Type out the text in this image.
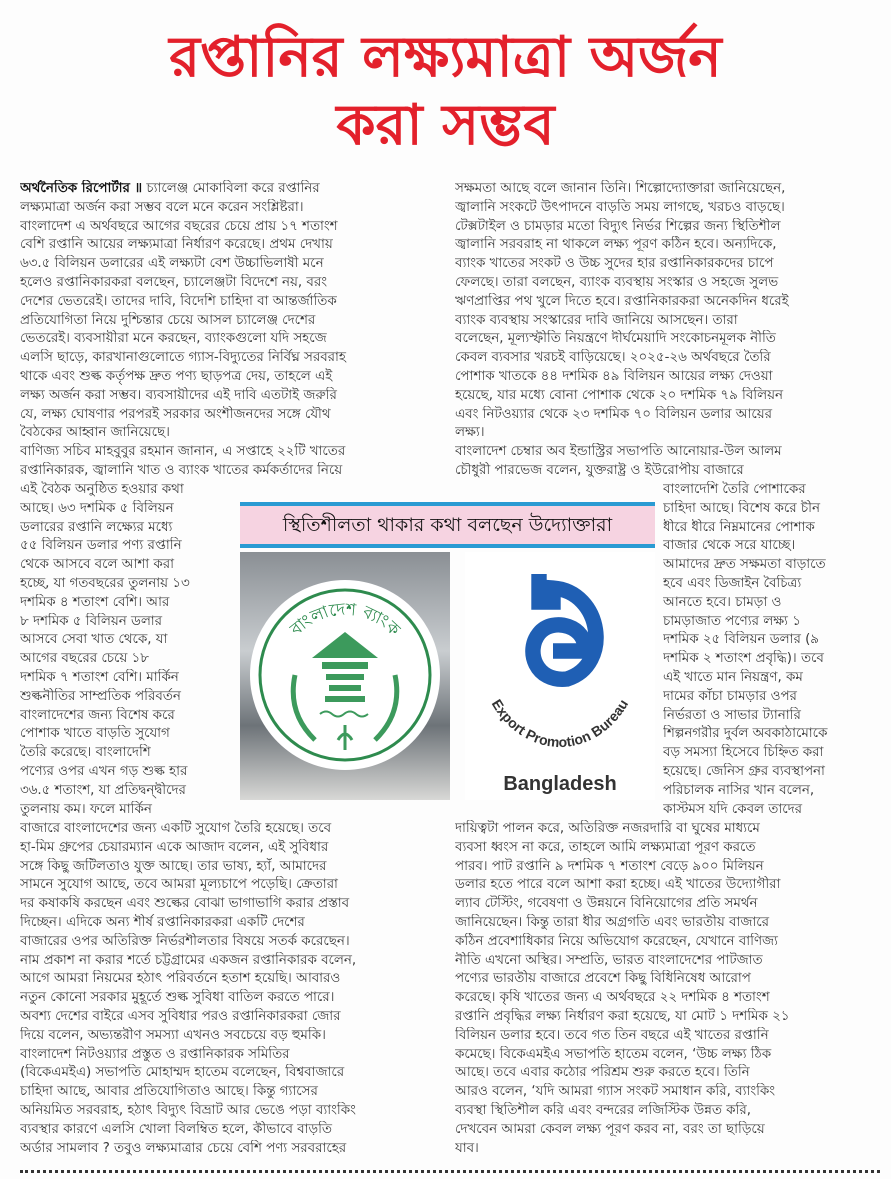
রপ্তানির লক্ষ্যমাত্রা অর্জন
করা সম্ভব
অর্থনৈতিক রিপোর্টার ॥ চ্যালেঞ্জ মোকাবিলা করে রপ্তানির
লক্ষ্যমাত্রা অর্জন করা সম্ভব বলে মনে করেন সংশ্লিষ্টরা।
বাংলাদেশ এ অর্থবছরে আগের বছরের চেয়ে প্রায় ১৭ শতাংশ
বেশি রপ্তানি আয়ের লক্ষ্যমাত্রা নির্ধারণ করেছে। প্রথম দেখায়
৬৩.৫ বিলিয়ন ডলারের এই লক্ষ্যটা বেশ উচ্চাভিলাষী মনে
হলেও রপ্তানিকারকরা বলছেন, চ্যালেঞ্জটা বিদেশে নয়, বরং
দেশের ভেতরেই। তাদের দাবি, বিদেশি চাহিদা বা আন্তর্জাতিক
প্রতিযোগিতা নিয়ে দুশ্চিন্তার চেয়ে আসল চ্যালেঞ্জ দেশের
ভেতরেই। ব্যবসায়ীরা মনে করছেন, ব্যাংকগুলো যদি সহজে
এলসি ছাড়ে, কারখানাগুলোতে গ্যাস-বিদ্যুতের নির্বিঘ্ন সরবরাহ
থাকে এবং শুল্ক কর্তৃপক্ষ দ্রুত পণ্য ছাড়পত্র দেয়, তাহলে এই
লক্ষ্য অর্জন করা সম্ভব। ব্যবসায়ীদের এই দাবি এতটাই জরুরি
যে, লক্ষ্য ঘোষণার পরপরই সরকার অংশীজনদের সঙ্গে যৌথ
বৈঠকের আহ্বান জানিয়েছে।
বাণিজ্য সচিব মাহবুবুর রহমান জানান, এ সপ্তাহে ২২টি খাতের
রপ্তানিকারক, জ্বালানি খাত ও ব্যাংক খাতের কর্মকর্তাদের নিয়ে
এই বৈঠক অনুষ্ঠিত হওয়ার কথা
আছে। ৬৩ দশমিক ৫ বিলিয়ন
ডলারের রপ্তানি লক্ষ্যের মধ্যে
৫৫ বিলিয়ন ডলার পণ্য রপ্তানি
থেকে আসবে বলে আশা করা
হচ্ছে, যা গতবছরের তুলনায় ১৩
দশমিক ৪ শতাংশ বেশি। আর
৮ দশমিক ৫ বিলিয়ন ডলার
আসবে সেবা খাত থেকে, যা
আগের বছরের চেয়ে ১৮
দশমিক ৭ শতাংশ বেশি। মার্কিন
শুল্কনীতির সাম্প্রতিক পরিবর্তন
বাংলাদেশের জন্য বিশেষ করে
পোশাক খাতে বাড়তি সুযোগ
তৈরি করেছে। বাংলাদেশি
পণ্যের ওপর এখন গড় শুল্ক হার
৩৬.৫ শতাংশ, যা প্রতিদ্বন্দ্বীদের
তুলনায় কম। ফলে মার্কিন
বাজারে বাংলাদেশের জন্য একটি সুযোগ তৈরি হয়েছে। তবে
হা-মিম গ্রুপের চেয়ারম্যান একে আজাদ বলেন, এই সুবিধার
সঙ্গে কিছু জটিলতাও যুক্ত আছে। তার ভাষ্য, হ্যাঁ, আমাদের
সামনে সুযোগ আছে, তবে আমরা মূল্যচাপে পড়েছি। ক্রেতারা
দর কষাকষি করছেন এবং শুল্কের বোঝা ভাগাভাগি করার প্রস্তাব
দিচ্ছেন। এদিকে অন্য শীর্ষ রপ্তানিকারকরা একটি দেশের
বাজারের ওপর অতিরিক্ত নির্ভরশীলতার বিষয়ে সতর্ক করেছেন।
নাম প্রকাশ না করার শর্তে চট্টগ্রামের একজন রপ্তানিকারক বলেন,
আগে আমরা নিয়মের হঠাৎ পরিবর্তনে হতাশ হয়েছি। আবারও
নতুন কোনো সরকার মুহূর্তে শুল্ক সুবিধা বাতিল করতে পারে।
অবশ্য দেশের বাইরে এসব সুবিধার পরও রপ্তানিকারকরা জোর
দিয়ে বলেন, অভ্যন্তরীণ সমস্যা এখনও সবচেয়ে বড় হুমকি।
বাংলাদেশ নিটওয়্যার প্রস্তুত ও রপ্তানিকারক সমিতির
(বিকেএমইএ) সভাপতি মোহাম্মদ হাতেম বলেছেন, বিশ্ববাজারে
চাহিদা আছে, আবার প্রতিযোগিতাও আছে। কিন্তু গ্যাসের
অনিয়মিত সরবরাহ, হঠাৎ বিদ্যুৎ বিভ্রাট আর ভেঙে পড়া ব্যাংকিং
ব্যবস্থার কারণে এলসি খোলা বিলম্বিত হলে, কীভাবে বাড়তি
অর্ডার সামলাব ? তবুও লক্ষ্যমাত্রার চেয়ে বেশি পণ্য সরবরাহের
সক্ষমতা আছে বলে জানান তিনি। শিল্পোদ্যোক্তারা জানিয়েছেন,
জ্বালানি সংকটে উৎপাদনে বাড়তি সময় লাগছে, খরচও বাড়ছে।
টেক্সটাইল ও চামড়ার মতো বিদ্যুৎ নির্ভর শিল্পের জন্য স্থিতিশীল
জ্বালানি সরবরাহ না থাকলে লক্ষ্য পূরণ কঠিন হবে। অন্যদিকে,
ব্যাংক খাতের সংকট ও উচ্চ সুদের হার রপ্তানিকারকদের চাপে
ফেলছে। তারা বলছেন, ব্যাংক ব্যবস্থায় সংস্কার ও সহজে সুলভ
ঋণপ্রাপ্তির পথ খুলে দিতে হবে। রপ্তানিকারকরা অনেকদিন ধরেই
ব্যাংক ব্যবস্থায় সংস্কারের দাবি জানিয়ে আসছেন। তারা
বলেছেন, মূল্যস্ফীতি নিয়ন্ত্রণে দীর্ঘমেয়াদি সংকোচনমূলক নীতি
কেবল ব্যবসার খরচই বাড়িয়েছে। ২০২৫-২৬ অর্থবছরে তৈরি
পোশাক খাতকে ৪৪ দশমিক ৪৯ বিলিয়ন আয়ের লক্ষ্য দেওয়া
হয়েছে, যার মধ্যে বোনা পোশাক থেকে ২০ দশমিক ৭৯ বিলিয়ন
এবং নিটওয়্যার থেকে ২৩ দশমিক ৭০ বিলিয়ন ডলার আয়ের
লক্ষ্য।
বাংলাদেশ চেম্বার অব ইন্ডাস্ট্রির সভাপতি আনোয়ার-উল আলম
চৌধুরী পারভেজ বলেন, যুক্তরাষ্ট্র ও ইউরোপীয় বাজারে
বাংলাদেশি তৈরি পোশাকের
চাহিদা আছে। বিশেষ করে চীন
ধীরে ধীরে নিম্নমানের পোশাক
বাজার থেকে সরে যাচ্ছে।
আমাদের দ্রুত সক্ষমতা বাড়াতে
হবে এবং ডিজাইন বৈচিত্র্য
আনতে হবে। চামড়া ও
চামড়াজাত পণ্যের লক্ষ্য ১
দশমিক ২৫ বিলিয়ন ডলার (৯
দশমিক ২ শতাংশ প্রবৃদ্ধি)। তবে
এই খাতে মান নিয়ন্ত্রণ, কম
দামের কাঁচা চামড়ার ওপর
নির্ভরতা ও সাভার ট্যানারি
শিল্পনগরীর দুর্বল অবকাঠামোকে
বড় সমস্যা হিসেবে চিহ্নিত করা
হয়েছে। জেনিস গ্রুর ব্যবস্থাপনা
পরিচালক নাসির খান বলেন,
কাস্টমস যদি কেবল তাদের
দায়িত্বটা পালন করে, অতিরিক্ত নজরদারি বা ঘুষের মাধ্যমে
ব্যবসা ধ্বংস না করে, তাহলে আমি লক্ষ্যমাত্রা পূরণ করতে
পারব। পাট রপ্তানি ৯ দশমিক ৭ শতাংশ বেড়ে ৯০০ মিলিয়ন
ডলার হতে পারে বলে আশা করা হচ্ছে। এই খাতের উদ্যোগীরা
ল্যাব টেস্টিং, গবেষণা ও উন্নয়নে বিনিয়োগের প্রতি সমর্থন
জানিয়েছেন। কিন্তু তারা ধীর অগ্রগতি এবং ভারতীয় বাজারে
কঠিন প্রবেশাধিকার নিয়ে অভিযোগ করেছেন, যেখানে বাণিজ্য
নীতি এখনো অস্থির। সম্প্রতি, ভারত বাংলাদেশের পাটজাত
পণ্যের ভারতীয় বাজারে প্রবেশে কিছু বিধিনিষেধ আরোপ
করেছে। কৃষি খাতের জন্য এ অর্থবছরে ২২ দশমিক ৪ শতাংশ
রপ্তানি প্রবৃদ্ধির লক্ষ্য নির্ধারণ করা হয়েছে, যা মোট ১ দশমিক ২১
বিলিয়ন ডলার হবে। তবে গত তিন বছরে এই খাতের রপ্তানি
কমেছে। বিকেএমইএ সভাপতি হাতেম বলেন, ‘উচ্চ লক্ষ্য ঠিক
আছে। তবে এবার কঠোর পরিশ্রম শুরু করতে হবে। তিনি
আরও বলেন, ‘যদি আমরা গ্যাস সংকট সমাধান করি, ব্যাংকিং
ব্যবস্থা স্থিতিশীল করি এবং বন্দরের লজিস্টিক উন্নত করি,
দেখবেন আমরা কেবল লক্ষ্য পূরণ করব না, বরং তা ছাড়িয়ে
যাব।
স্থিতিশীলতা থাকার কথা বলছেন উদ্যোক্তারা
বাংলাদেশ ব্যাংক
Export Promotion Bureau
Bangladesh
